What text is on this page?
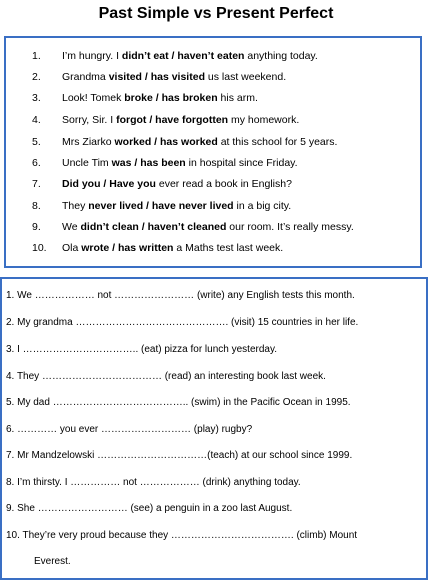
Past Simple vs Present Perfect
1. I’m hungry. I didn’t eat / haven’t eaten anything today.
2. Grandma visited / has visited us last weekend.
3. Look! Tomek broke / has broken his arm.
4. Sorry, Sir. I forgot / have forgotten my homework.
5. Mrs Ziarko worked / has worked at this school for 5 years.
6. Uncle Tim was / has been in hospital since Friday.
7. Did you / Have you ever read a book in English?
8. They never lived / have never lived in a big city.
9. We didn’t clean / haven’t cleaned our room. It’s really messy.
10. Ola wrote / has written a Maths test last week.
1. We ……………… not …………………… (write) any English tests this month.
2. My grandma ………………………………………. (visit) 15 countries in her life.
3. I …………………………….. (eat) pizza for lunch yesterday.
4. They ……………………………… (read) an interesting book last week.
5. My dad ………………………………….. (swim) in the Pacific Ocean in 1995.
6. ………… you ever ……………………… (play) rugby?
7. Mr Mandzelowski ……………………………(teach) at our school since 1999.
8. I’m thirsty. I …………… not ……………… (drink) anything today.
9. She ……………………… (see) a penguin in a zoo last August.
10. They’re very proud because they ………………………………. (climb) Mount
Everest.
